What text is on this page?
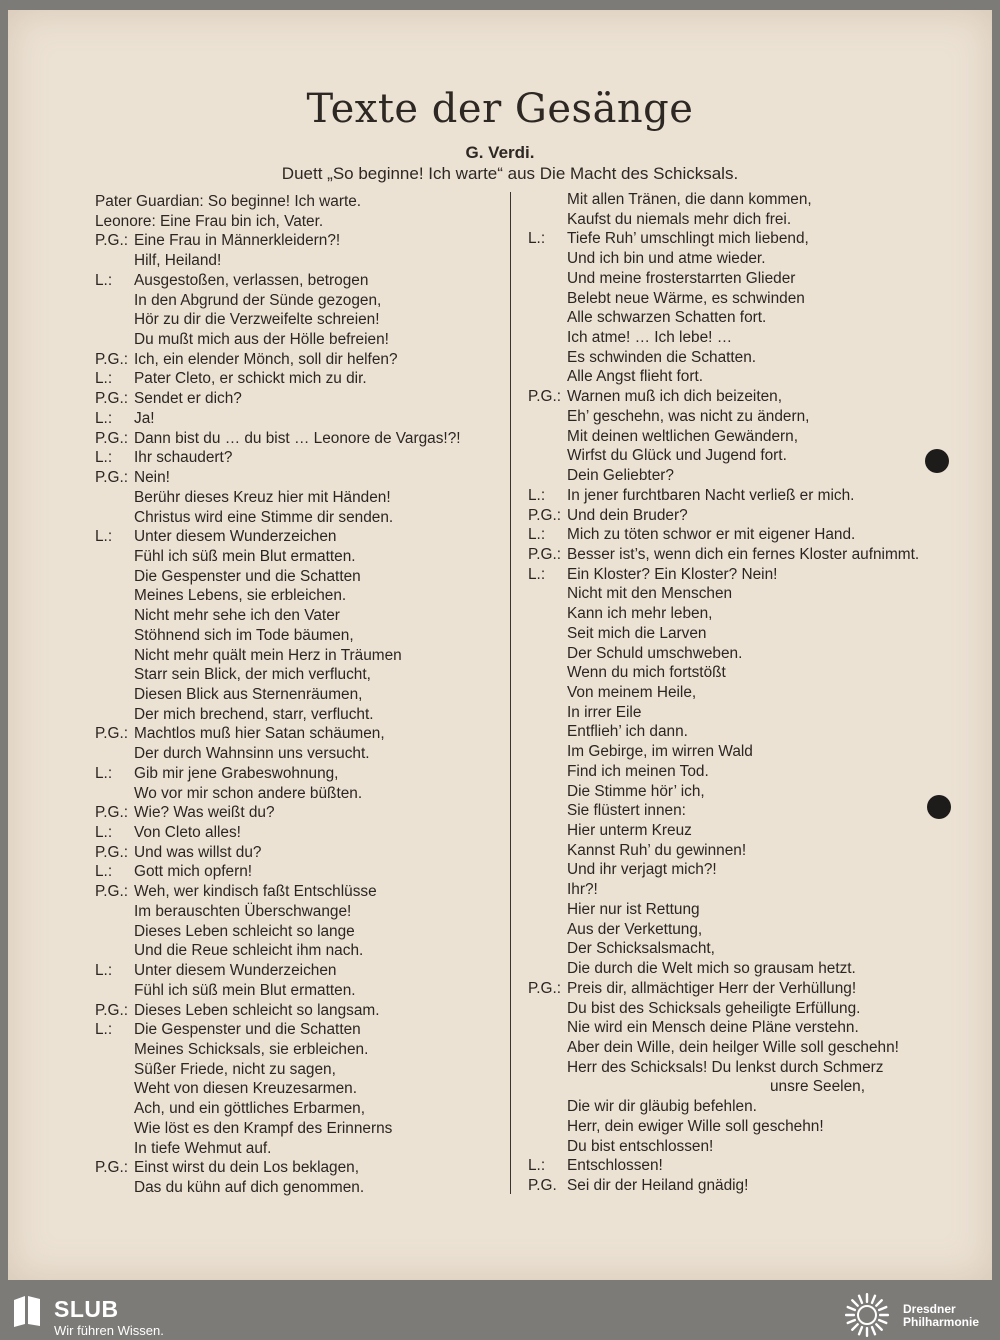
Texte der Gesänge
G. Verdi.
Duett „So beginne! Ich warte“ aus Die Macht des Schicksals.
Pater Guardian: So beginne! Ich warte.
Leonore: Eine Frau bin ich, Vater.
P.G.: Eine Frau in Männerkleidern?!
Hilf, Heiland!
L.: Ausgestoßen, verlassen, betrogen
In den Abgrund der Sünde gezogen,
Hör zu dir die Verzweifelte schreien!
Du mußt mich aus der Hölle befreien!
P.G.: Ich, ein elender Mönch, soll dir helfen?
L.: Pater Cleto, er schickt mich zu dir.
P.G.: Sendet er dich?
L.: Ja!
P.G.: Dann bist du … du bist … Leonore de Vargas!?!
L.: Ihr schaudert?
P.G.: Nein!
Berühr dieses Kreuz hier mit Händen!
Christus wird eine Stimme dir senden.
L.: Unter diesem Wunderzeichen
Fühl ich süß mein Blut ermatten.
Die Gespenster und die Schatten
Meines Lebens, sie erbleichen.
Nicht mehr sehe ich den Vater
Stöhnend sich im Tode bäumen,
Nicht mehr quält mein Herz in Träumen
Starr sein Blick, der mich verflucht,
Diesen Blick aus Sternenräumen,
Der mich brechend, starr, verflucht.
P.G.: Machtlos muß hier Satan schäumen,
Der durch Wahnsinn uns versucht.
L.: Gib mir jene Grabeswohnung,
Wo vor mir schon andere büßten.
P.G.: Wie? Was weißt du?
L.: Von Cleto alles!
P.G.: Und was willst du?
L.: Gott mich opfern!
P.G.: Weh, wer kindisch faßt Entschlüsse
Im berauschten Überschwange!
Dieses Leben schleicht so lange
Und die Reue schleicht ihm nach.
L.: Unter diesem Wunderzeichen
Fühl ich süß mein Blut ermatten.
P.G.: Dieses Leben schleicht so langsam.
L.: Die Gespenster und die Schatten
Meines Schicksals, sie erbleichen.
Süßer Friede, nicht zu sagen,
Weht von diesen Kreuzesarmen.
Ach, und ein göttliches Erbarmen,
Wie löst es den Krampf des Erinnerns
In tiefe Wehmut auf.
P.G.: Einst wirst du dein Los beklagen,
Das du kühn auf dich genommen.
Mit allen Tränen, die dann kommen,
Kaufst du niemals mehr dich frei.
L.: Tiefe Ruh’ umschlingt mich liebend,
Und ich bin und atme wieder.
Und meine frosterstarrten Glieder
Belebt neue Wärme, es schwinden
Alle schwarzen Schatten fort.
Ich atme! … Ich lebe! …
Es schwinden die Schatten.
Alle Angst flieht fort.
P.G.: Warnen muß ich dich beizeiten,
Eh’ geschehn, was nicht zu ändern,
Mit deinen weltlichen Gewändern,
Wirfst du Glück und Jugend fort.
Dein Geliebter?
L.: In jener furchtbaren Nacht verließ er mich.
P.G.: Und dein Bruder?
L.: Mich zu töten schwor er mit eigener Hand.
P.G.: Besser ist’s, wenn dich ein fernes Kloster aufnimmt.
L.: Ein Kloster? Ein Kloster? Nein!
Nicht mit den Menschen
Kann ich mehr leben,
Seit mich die Larven
Der Schuld umschweben.
Wenn du mich fortstößt
Von meinem Heile,
In irrer Eile
Entflieh’ ich dann.
Im Gebirge, im wirren Wald
Find ich meinen Tod.
Die Stimme hör’ ich,
Sie flüstert innen:
Hier unterm Kreuz
Kannst Ruh’ du gewinnen!
Und ihr verjagt mich?!
Ihr?!
Hier nur ist Rettung
Aus der Verkettung,
Der Schicksalsmacht,
Die durch die Welt mich so grausam hetzt.
P.G.: Preis dir, allmächtiger Herr der Verhüllung!
Du bist des Schicksals geheiligte Erfüllung.
Nie wird ein Mensch deine Pläne verstehn.
Aber dein Wille, dein heilger Wille soll geschehn!
Herr des Schicksals! Du lenkst durch Schmerz
unsre Seelen,
Die wir dir gläubig befehlen.
Herr, dein ewiger Wille soll geschehn!
Du bist entschlossen!
L.: Entschlossen!
P.G. Sei dir der Heiland gnädig!
SLUB
Wir führen Wissen.
Dresdner
Philharmonie
